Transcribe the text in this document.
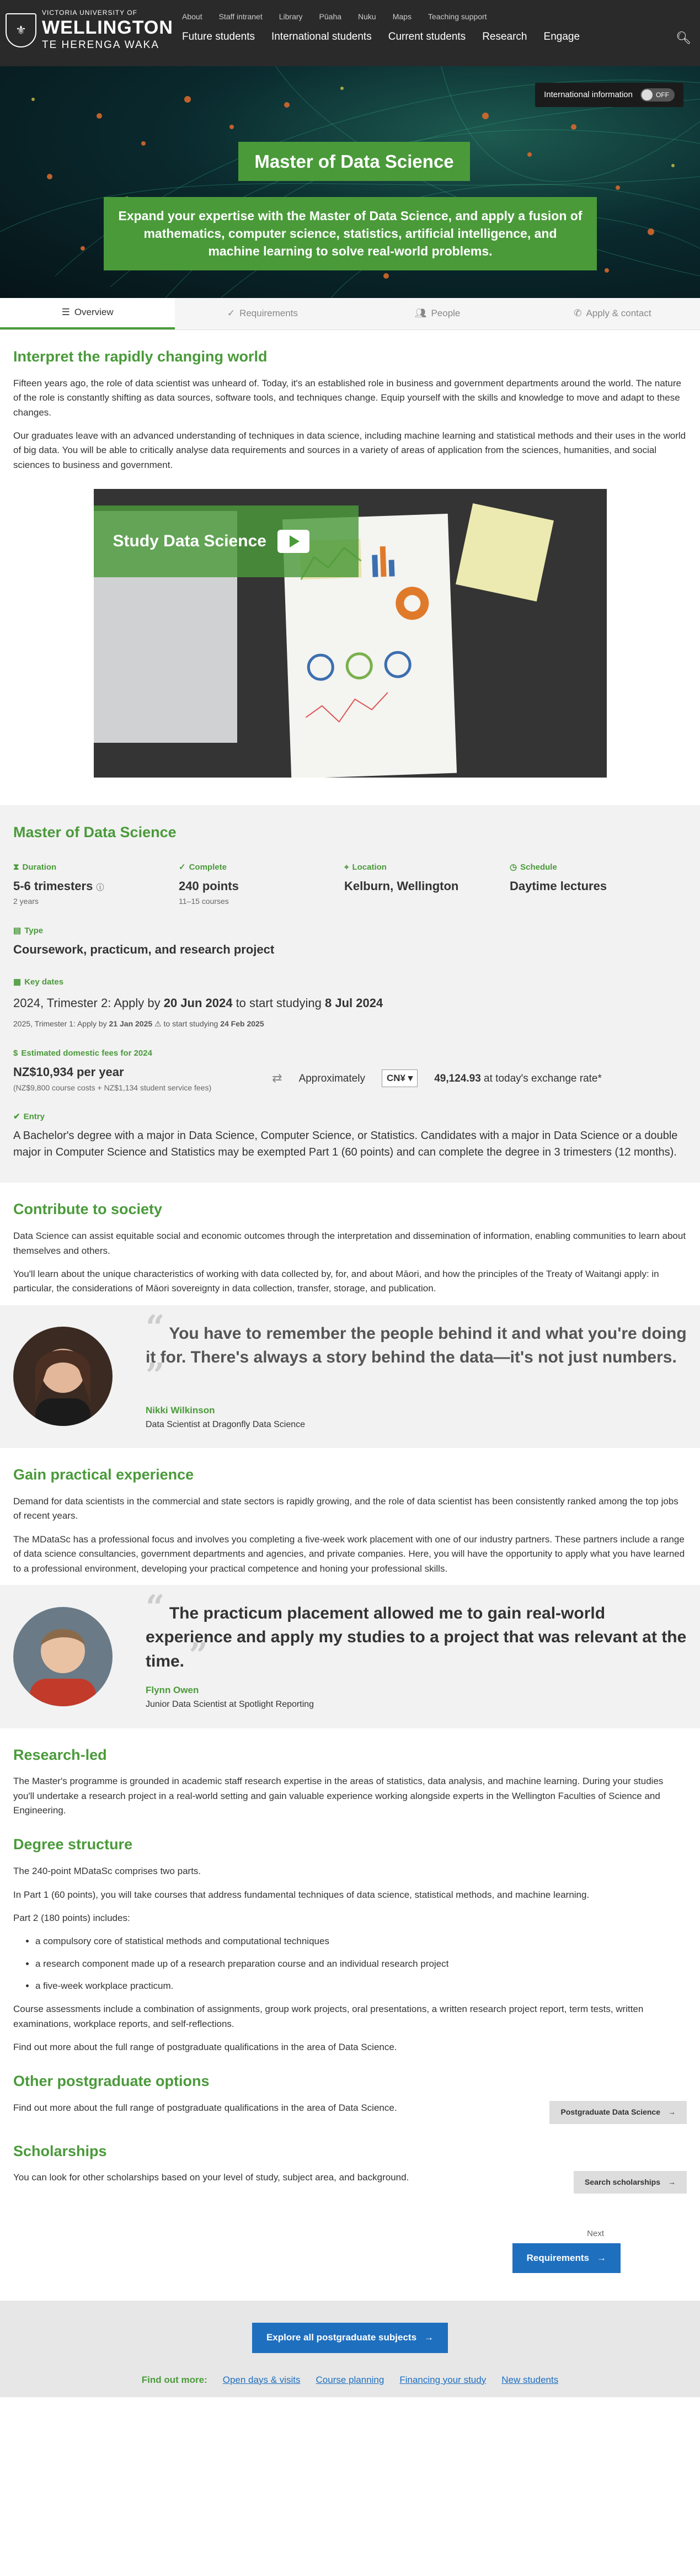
⚜
VICTORIA UNIVERSITY OF
WELLINGTON
TE HERENGA WAKA
About Staff intranet Library Pūaha Nuku Maps Teaching support
Future students International students Current students Research Engage	🔍︎
International information	OFF
Master of Data Science
Expand your expertise with the Master of Data Science, and apply a fusion of mathematics, computer science, statistics, artificial intelligence, and machine learning to solve real-world problems.
☰ Overview	✓ Requirements	👥︎ People	✆ Apply & contact
Interpret the rapidly changing world

Fifteen years ago, the role of data scientist was unheard of. Today, it's an established role in business and government departments around the world. The nature of the role is constantly shifting as data sources, software tools, and techniques change. Equip yourself with the skills and knowledge to move and adapt to these changes.

Our graduates leave with an advanced understanding of techniques in data science, including machine learning and statistical methods and their uses in the world of big data. You will be able to critically analyse data requirements and sources in a variety of areas of application from the sciences, humanities, and social sciences to business and government.

Study Data Science
Master of Data Science
⧗ Duration
5-6 trimesters ⓘ
2 years
✓ Complete
240 points
11–15 courses
⌖ Location
Kelburn, Wellington
◷ Schedule
Daytime lectures
▤ Type
Coursework, practicum, and research project
▦ Key dates
2024, Trimester 2: Apply by 20 Jun 2024 to start studying 8 Jul 2024
2025, Trimester 1: Apply by 21 Jan 2025 ⚠ to start studying 24 Feb 2025
$ Estimated domestic fees for 2024
NZ$10,934 per year
(NZ$9,800 course costs + NZ$1,134 student service fees)
⇄ Approximately	CN¥ ▾	49,124.93 at today's exchange rate*
✔ Entry
A Bachelor's degree with a major in Data Science, Computer Science, or Statistics. Candidates with a major in Data Science or a double major in Computer Science and Statistics may be exempted Part 1 (60 points) and can complete the degree in 3 trimesters (12 months).
Contribute to society

Data Science can assist equitable social and economic outcomes through the interpretation and dissemination of information, enabling communities to learn about themselves and others.

You'll learn about the unique characteristics of working with data collected by, for, and about Māori, and how the principles of the Treaty of Waitangi apply: in particular, the considerations of Māori sovereignty in data collection, transfer, storage, and publication.

“ You have to remember the people behind it and what you're doing it for. There's always a story behind the data—it's not just numbers. ”
Nikki Wilkinson
Data Scientist at Dragonfly Data Science
Gain practical experience

Demand for data scientists in the commercial and state sectors is rapidly growing, and the role of data scientist has been consistently ranked among the top jobs of recent years.

The MDataSc has a professional focus and involves you completing a five-week work placement with one of our industry partners. These partners include a range of data science consultancies, government departments and agencies, and private companies. Here, you will have the opportunity to apply what you have learned to a professional environment, developing your practical competence and honing your professional skills.

“ The practicum placement allowed me to gain real-world experience and apply my studies to a project that was relevant at the time. ”
Flynn Owen
Junior Data Scientist at Spotlight Reporting
Research-led

The Master's programme is grounded in academic staff research expertise in the areas of statistics, data analysis, and machine learning. During your studies you'll undertake a research project in a real-world setting and gain valuable experience working alongside experts in the Wellington Faculties of Science and Engineering.

Degree structure

The 240-point MDataSc comprises two parts.

In Part 1 (60 points), you will take courses that address fundamental techniques of data science, statistical methods, and machine learning.

Part 2 (180 points) includes:

• a compulsory core of statistical methods and computational techniques
• a research component made up of a research preparation course and an individual research project
• a five-week workplace practicum.

Course assessments include a combination of assignments, group work projects, oral presentations, a written research project report, term tests, written examinations, workplace reports, and self-reflections.

Find out more about the full range of postgraduate qualifications in the area of Data Science.

Other postgraduate options

Find out more about the full range of postgraduate qualifications in the area of Data Science.	Postgraduate Data Science →
Scholarships

You can look for other scholarships based on your level of study, subject area, and background.	Search scholarships →
Next
Requirements →
Explore all postgraduate subjects →
Find out more: Open days & visits Course planning Financing your study New students
